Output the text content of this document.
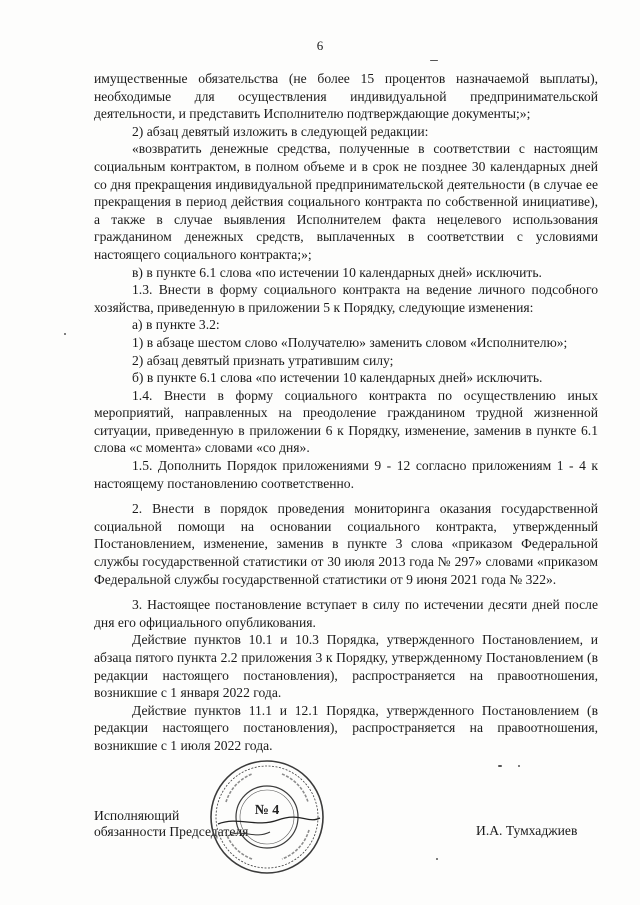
6

имущественные обязательства (не более 15 процентов назначаемой выплаты), необходимые для осуществления индивидуальной предпринимательской деятельности, и представить Исполнителю подтверждающие документы;»;

2) абзац девятый изложить в следующей редакции:

«возвратить денежные средства, полученные в соответствии с настоящим социальным контрактом, в полном объеме и в срок не позднее 30 календарных дней со дня прекращения индивидуальной предпринимательской деятельности (в случае ее прекращения в период действия социального контракта по собственной инициативе), а также в случае выявления Исполнителем факта нецелевого использования гражданином денежных средств, выплаченных в соответствии с условиями настоящего социального контракта;»;

в) в пункте 6.1 слова «по истечении 10 календарных дней» исключить.

1.3. Внести в форму социального контракта на ведение личного подсобного хозяйства, приведенную в приложении 5 к Порядку, следующие изменения:

а) в пункте 3.2:

1) в абзаце шестом слово «Получателю» заменить словом «Исполнителю»;

2) абзац девятый признать утратившим силу;

б) в пункте 6.1 слова «по истечении 10 календарных дней» исключить.

1.4. Внести в форму социального контракта по осуществлению иных мероприятий, направленных на преодоление гражданином трудной жизненной ситуации, приведенную в приложении 6 к Порядку, изменение, заменив в пункте 6.1 слова «с момента» словами «со дня».

1.5. Дополнить Порядок приложениями 9 - 12 согласно приложениям 1 - 4 к настоящему постановлению соответственно.

2. Внести в порядок проведения мониторинга оказания государственной социальной помощи на основании социального контракта, утвержденный Постановлением, изменение, заменив в пункте 3 слова «приказом Федеральной службы государственной статистики от 30 июля 2013 года № 297» словами «приказом Федеральной службы государственной статистики от 9 июня 2021 года № 322».

3. Настоящее постановление вступает в силу по истечении десяти дней после дня его официального опубликования.

Действие пунктов 10.1 и 10.3 Порядка, утвержденного Постановлением, и абзаца пятого пункта 2.2 приложения 3 к Порядку, утвержденному Постановлением (в редакции настоящего постановления), распространяется на правоотношения, возникшие с 1 января 2022 года.

Действие пунктов 11.1 и 12.1 Порядка, утвержденного Постановлением (в редакции настоящего постановления), распространяется на правоотношения, возникшие с 1 июля 2022 года.

Исполняющий
обязанности Председателя
№ 4
И.А. Тумхаджиев
